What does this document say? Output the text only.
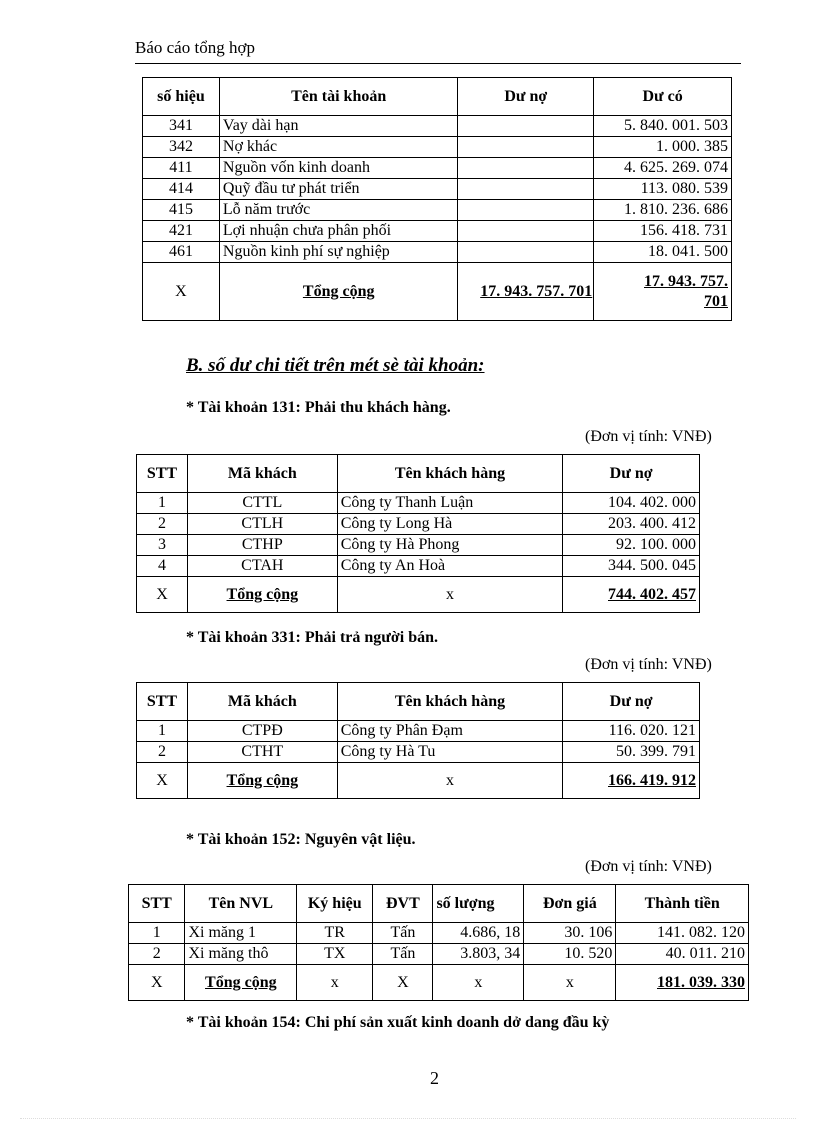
Báo cáo tổng hợp
số hiệu	Tên tài khoản	Dư nợ	Dư có
341	Vay dài hạn		5. 840. 001. 503
342	Nợ khác		1. 000. 385
411	Nguồn vốn kinh doanh		4. 625. 269. 074
414	Quỹ đầu tư phát triển		113. 080. 539
415	Lỗ năm trước		1. 810. 236. 686
421	Lợi nhuận chưa phân phối		156. 418. 731
461	Nguồn kinh phí sự nghiệp		18. 041. 500
X	Tổng cộng	17. 943. 757. 701	17. 943. 757.
701
B. số dư chi tiết trên mét sè tài khoản:
* Tài khoản 131: Phải thu khách hàng.
(Đơn vị tính: VNĐ)
STT	Mã khách	Tên khách hàng	Dư nợ
1	CTTL	Công ty Thanh Luận	104. 402. 000
2	CTLH	Công ty Long Hà	203. 400. 412
3	CTHP	Công ty Hà Phong	92. 100. 000
4	CTAH	Công ty An Hoà	344. 500. 045
X	Tổng cộng	x	744. 402. 457
* Tài khoản 331: Phải trả người bán.
(Đơn vị tính: VNĐ)
STT	Mã khách	Tên khách hàng	Dư nợ
1	CTPĐ	Công ty Phân Đạm	116. 020. 121
2	CTHT	Công ty Hà Tu	50. 399. 791
X	Tổng cộng	x	166. 419. 912
* Tài khoản 152: Nguyên vật liệu.
(Đơn vị tính: VNĐ)
STT	Tên NVL	Ký hiệu	ĐVT	số lượng	Đơn giá	Thành tiền
1	Xi măng 1	TR	Tấn	4.686, 18	30. 106	141. 082. 120
2	Xi măng thô	TX	Tấn	3.803, 34	10. 520	40. 011. 210
X	Tổng cộng	x	X	x	x	181. 039. 330
* Tài khoản 154: Chi phí sản xuất kinh doanh dở dang đầu kỳ
2
